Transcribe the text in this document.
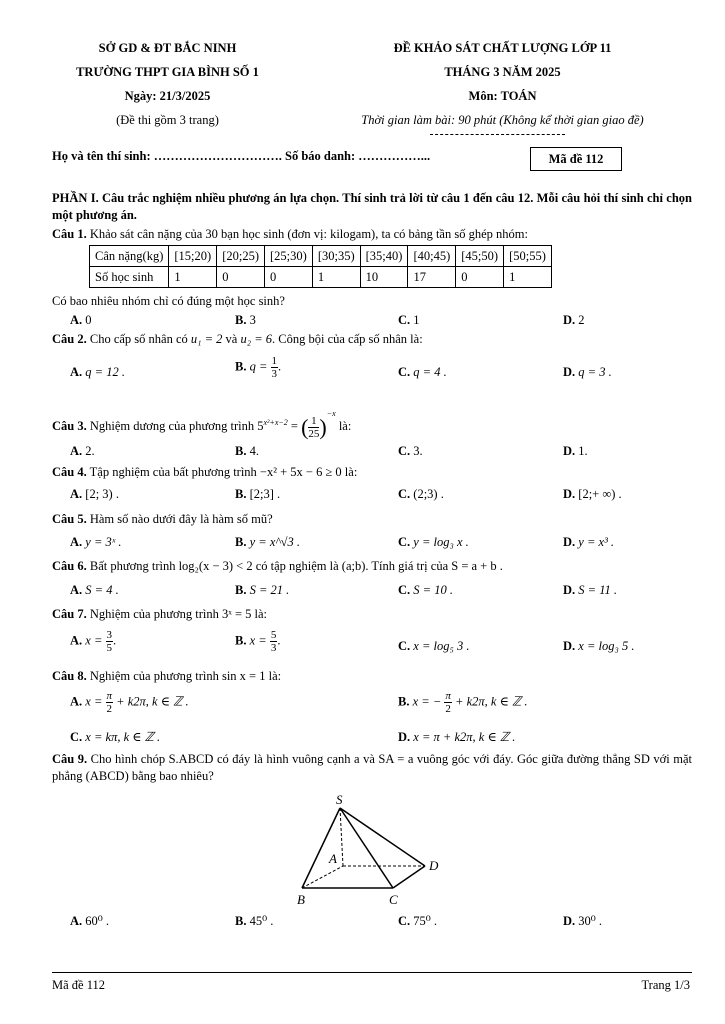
SỞ GD & ĐT BẮC NINH
TRƯỜNG THPT GIA BÌNH SỐ 1
Ngày: 21/3/2025
(Đề thi gồm 3 trang)
ĐỀ KHẢO SÁT CHẤT LƯỢNG LỚP 11
THÁNG 3 NĂM 2025
Môn: TOÁN
Thời gian làm bài: 90 phút (Không kể thời gian giao đề)
Họ và tên thí sinh: …………………………. Số báo danh: ……………...	Mã đề 112
PHẦN I. Câu trắc nghiệm nhiều phương án lựa chọn. Thí sinh trả lời từ câu 1 đến câu 12. Mỗi câu hỏi thí sinh chỉ chọn một phương án.
Câu 1. Khảo sát cân nặng của 30 bạn học sinh (đơn vị: kilogam), ta có bảng tần số ghép nhóm:
Cân nặng(kg)	[15;20)	[20;25)	[25;30)	[30;35)	[35;40)	[40;45)	[45;50)	[50;55)
Số học sinh	1	0	0	1	10	17	0	1
Có bao nhiêu nhóm chỉ có đúng một học sinh?
A. 0	B. 3	C. 1	D. 2
Câu 2. Cho cấp số nhân có u₁ = 2 và u₂ = 6. Công bội của cấp số nhân là:
A. q = 12 .	B. $q = \frac{1}{3}$ .	C. q = 4 .	D. q = 3 .
Câu 3. Nghiệm dương của phương trình $5^{x^2+x-2}$ = ( $\frac{1}{25} )^{-x}$ là:
A. 2.	B. 4.	C. 3.	D. 1.
Câu 4. Tập nghiệm của bất phương trình −x² + 5x − 6 ≥ 0 là:
A. [2; 3) .	B. [2;3] .	C. (2;3) .	D. [2;+ ∞) .
Câu 5. Hàm số nào dưới đây là hàm số mũ?
A. y = 3ˣ .	B. y = x^√3 .	C. y = log₃ x .	D. y = x³ .
Câu 6. Bất phương trình log₂(x − 3) < 2 có tập nghiệm là (a;b). Tính giá trị của S = a + b .
A. S = 4 .	B. S = 21 .	C. S = 10 .	D. S = 11 .
Câu 7. Nghiệm của phương trình 3ˣ = 5 là:
A. $x = \frac{3}{5}$ .	B. $x = \frac{5}{3}$ .	C. x = log₅ 3 .	D. x = log₃ 5 .
Câu 8. Nghiệm của phương trình sin x = 1 là:
A. $x = \frac{\pi}{2} + k2\pi$, k ∈ ℤ .	B. x = − $\frac{\pi}{2} + k2\pi$, k ∈ ℤ .
C. x = kπ, k ∈ ℤ .	D. x = π + k2π, k ∈ ℤ .
Câu 9. Cho hình chóp S.ABCD có đáy là hình vuông cạnh a và SA = a vuông góc với đáy. Góc giữa đường thẳng SD với mặt phẳng (ABCD) bằng bao nhiêu?
S
A	D
B	C
A. 60⁰ .	B. 45⁰ .	C. 75⁰ .	D. 30⁰ .
Mã đề 112	Trang 1/3
